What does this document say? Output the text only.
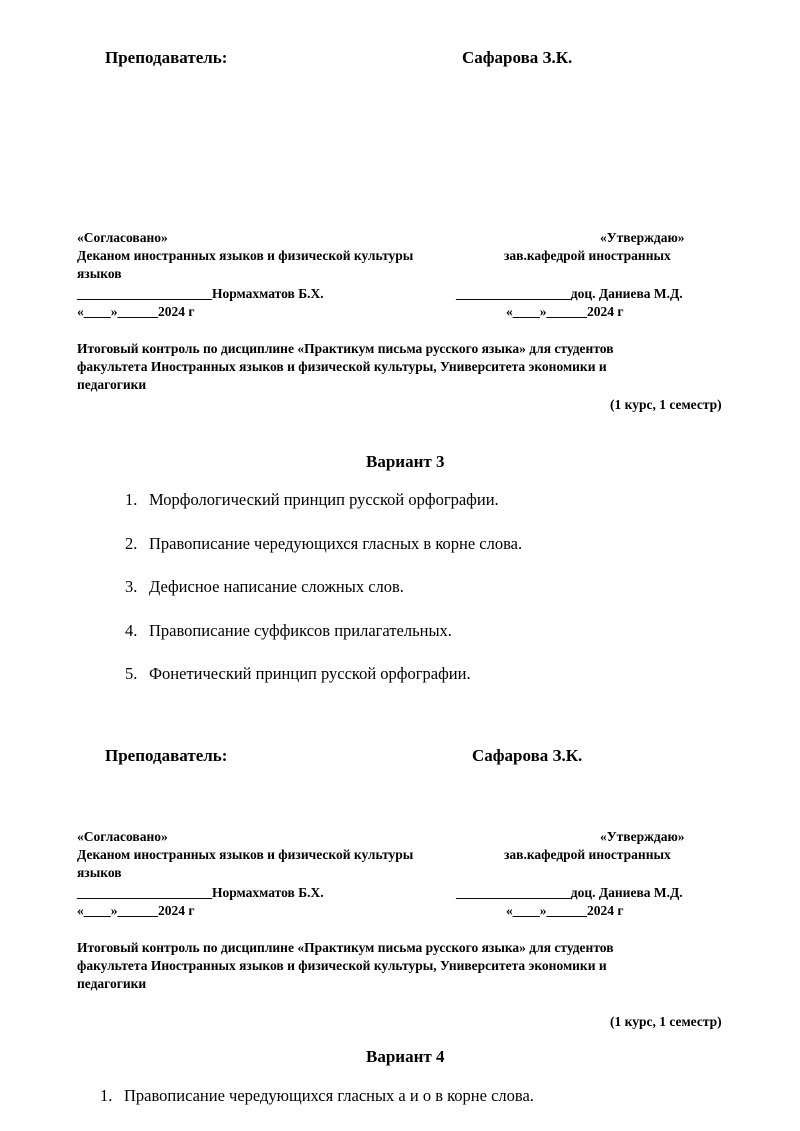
Преподаватель:	Сафарова З.К.
«Согласовано»	«Утверждаю»
Деканом иностранных языков и физической культуры	зав.кафедрой иностранных
языков
____________________Нормахматов Б.Х.	_________________доц. Даниева М.Д.
«____»______2024 г	«____»______2024 г
Итоговый контроль по дисциплине «Практикум письма русского языка» для студентов
факультета Иностранных языков и физической культуры, Университета экономики и
педагогики
(1 курс, 1 семестр)
Вариант 3
1. Морфологический принцип русской орфографии.
2. Правописание чередующихся гласных в корне слова.
3. Дефисное написание сложных слов.
4. Правописание суффиксов прилагательных.
5. Фонетический принцип русской орфографии.
Преподаватель:	Сафарова З.К.
«Согласовано»	«Утверждаю»
Деканом иностранных языков и физической культуры	зав.кафедрой иностранных
языков
____________________Нормахматов Б.Х.	_________________доц. Даниева М.Д.
«____»______2024 г	«____»______2024 г
Итоговый контроль по дисциплине «Практикум письма русского языка» для студентов
факультета Иностранных языков и физической культуры, Университета экономики и
педагогики
(1 курс, 1 семестр)
Вариант 4
1. Правописание чередующихся гласных а и о в корне слова.
